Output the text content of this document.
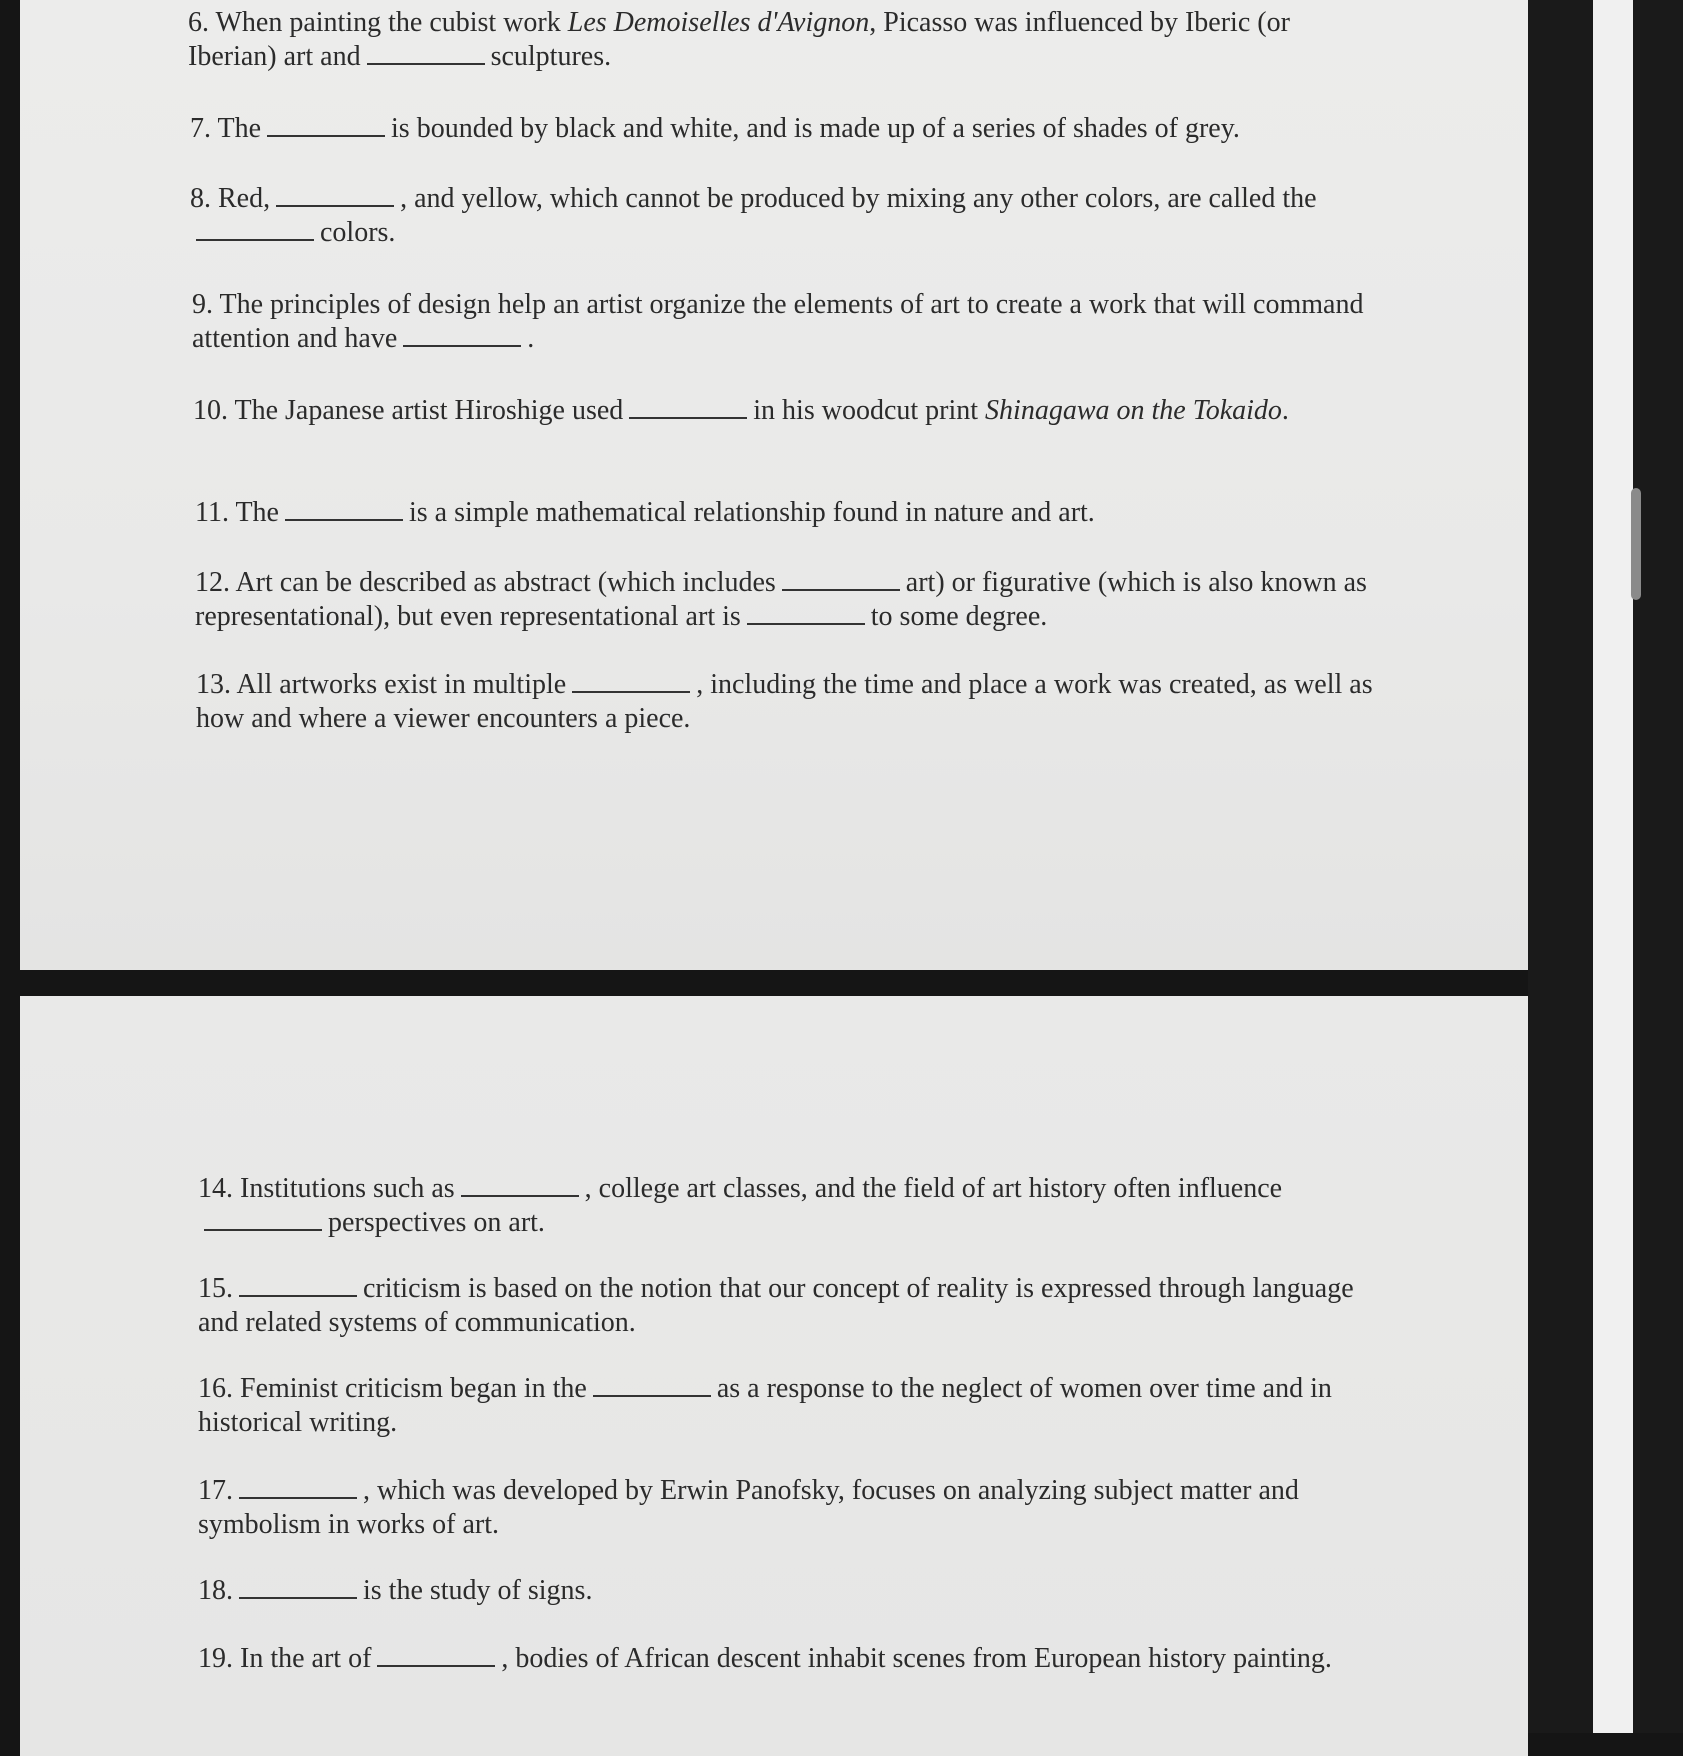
6. When painting the cubist work Les Demoiselles d'Avignon, Picasso was influenced by Iberic (or Iberian) art and	sculptures.

7. The	is bounded by black and white, and is made up of a series of shades of grey.

8. Red,	, and yellow, which cannot be produced by mixing any other colors, are called thecolors.

9. The principles of design help an artist organize the elements of art to create a work that will command attention and have	.

10. The Japanese artist Hiroshige used	in his woodcut print Shinagawa on the Tokaido.

11. The	is a simple mathematical relationship found in nature and art.

12. Art can be described as abstract (which includes	art) or figurative (which is also known as representational), but even representational art is	to some degree.

13. All artworks exist in multiple	, including the time and place a work was created, as well as how and where a viewer encounters a piece.

14. Institutions such as	, college art classes, and the field of art history often influenceperspectives on art.

15.	criticism is based on the notion that our concept of reality is expressed through language and related systems of communication.

16. Feminist criticism began in the	as a response to the neglect of women over time and in historical writing.

17.	, which was developed by Erwin Panofsky, focuses on analyzing subject matter and symbolism in works of art.

18.	is the study of signs.

19. In the art of	, bodies of African descent inhabit scenes from European history painting.
